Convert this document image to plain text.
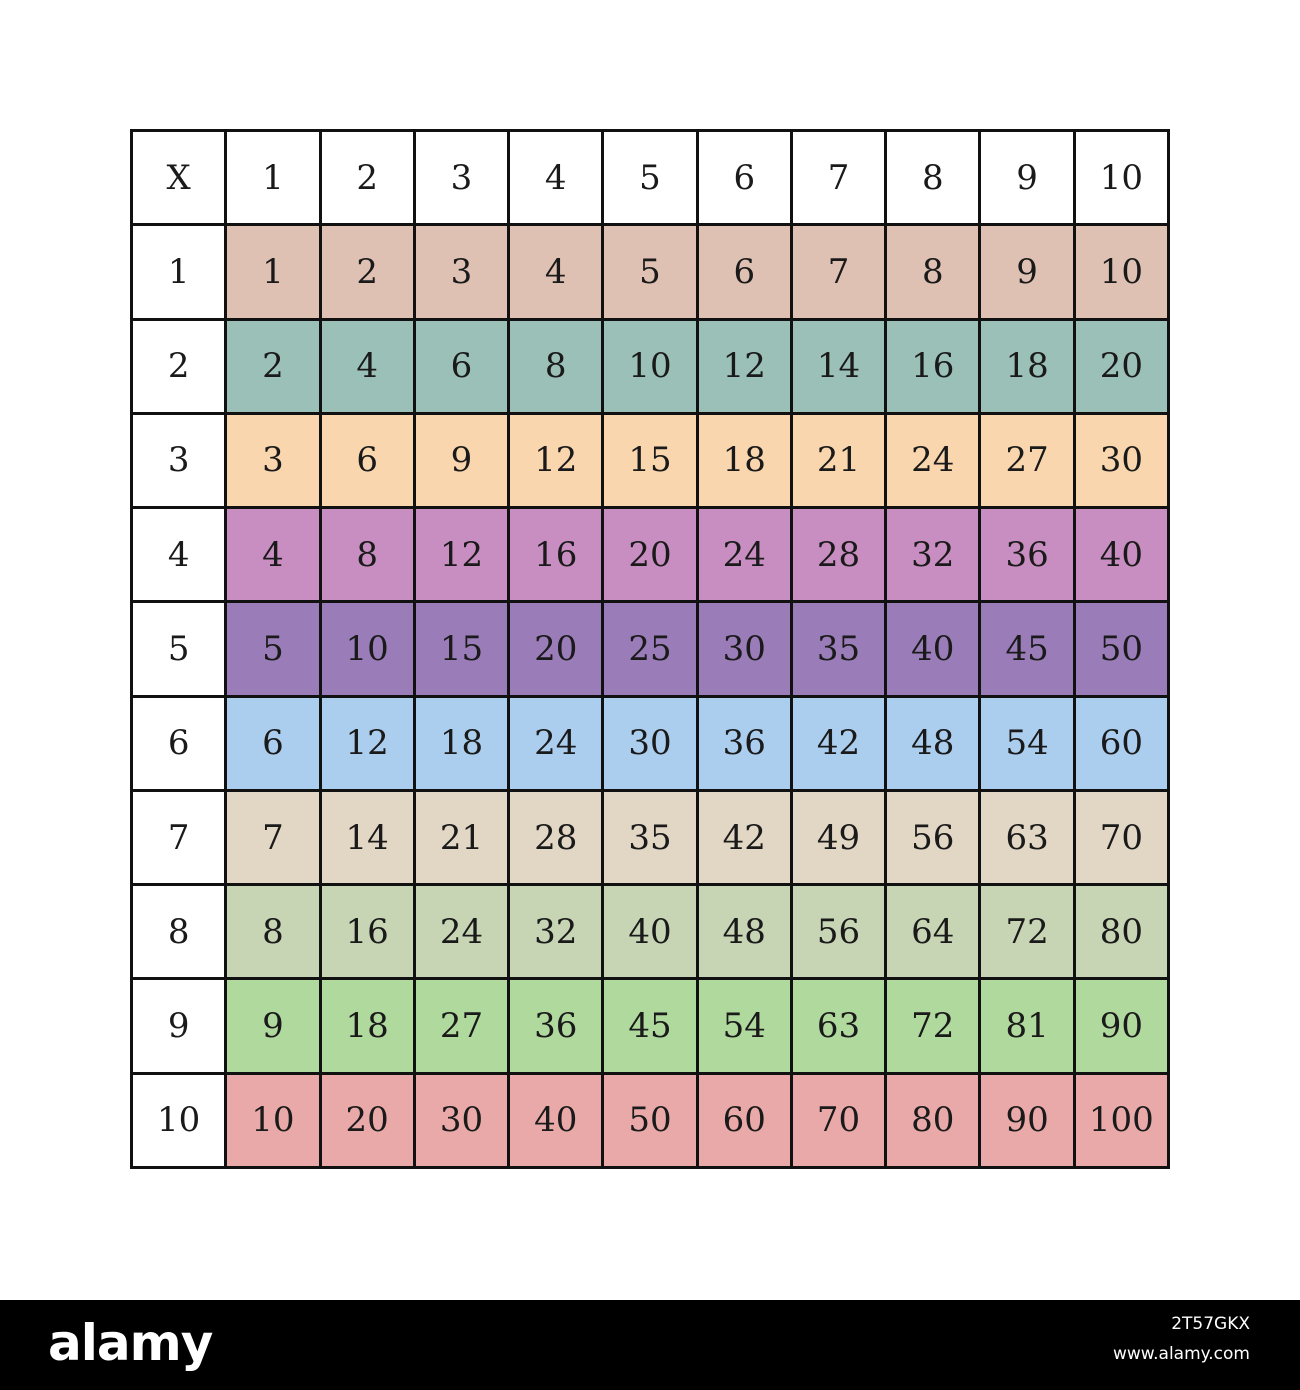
X	1	2	3	4	5	6	7	8	9	10
1	1	2	3	4	5	6	7	8	9	10
2	2	4	6	8	10	12	14	16	18	20
3	3	6	9	12	15	18	21	24	27	30
4	4	8	12	16	20	24	28	32	36	40
5	5	10	15	20	25	30	35	40	45	50
6	6	12	18	24	30	36	42	48	54	60
7	7	14	21	28	35	42	49	56	63	70
8	8	16	24	32	40	48	56	64	72	80
9	9	18	27	36	45	54	63	72	81	90
10	10	20	30	40	50	60	70	80	90	100
alamy	2T57GKX
www.alamy.com
